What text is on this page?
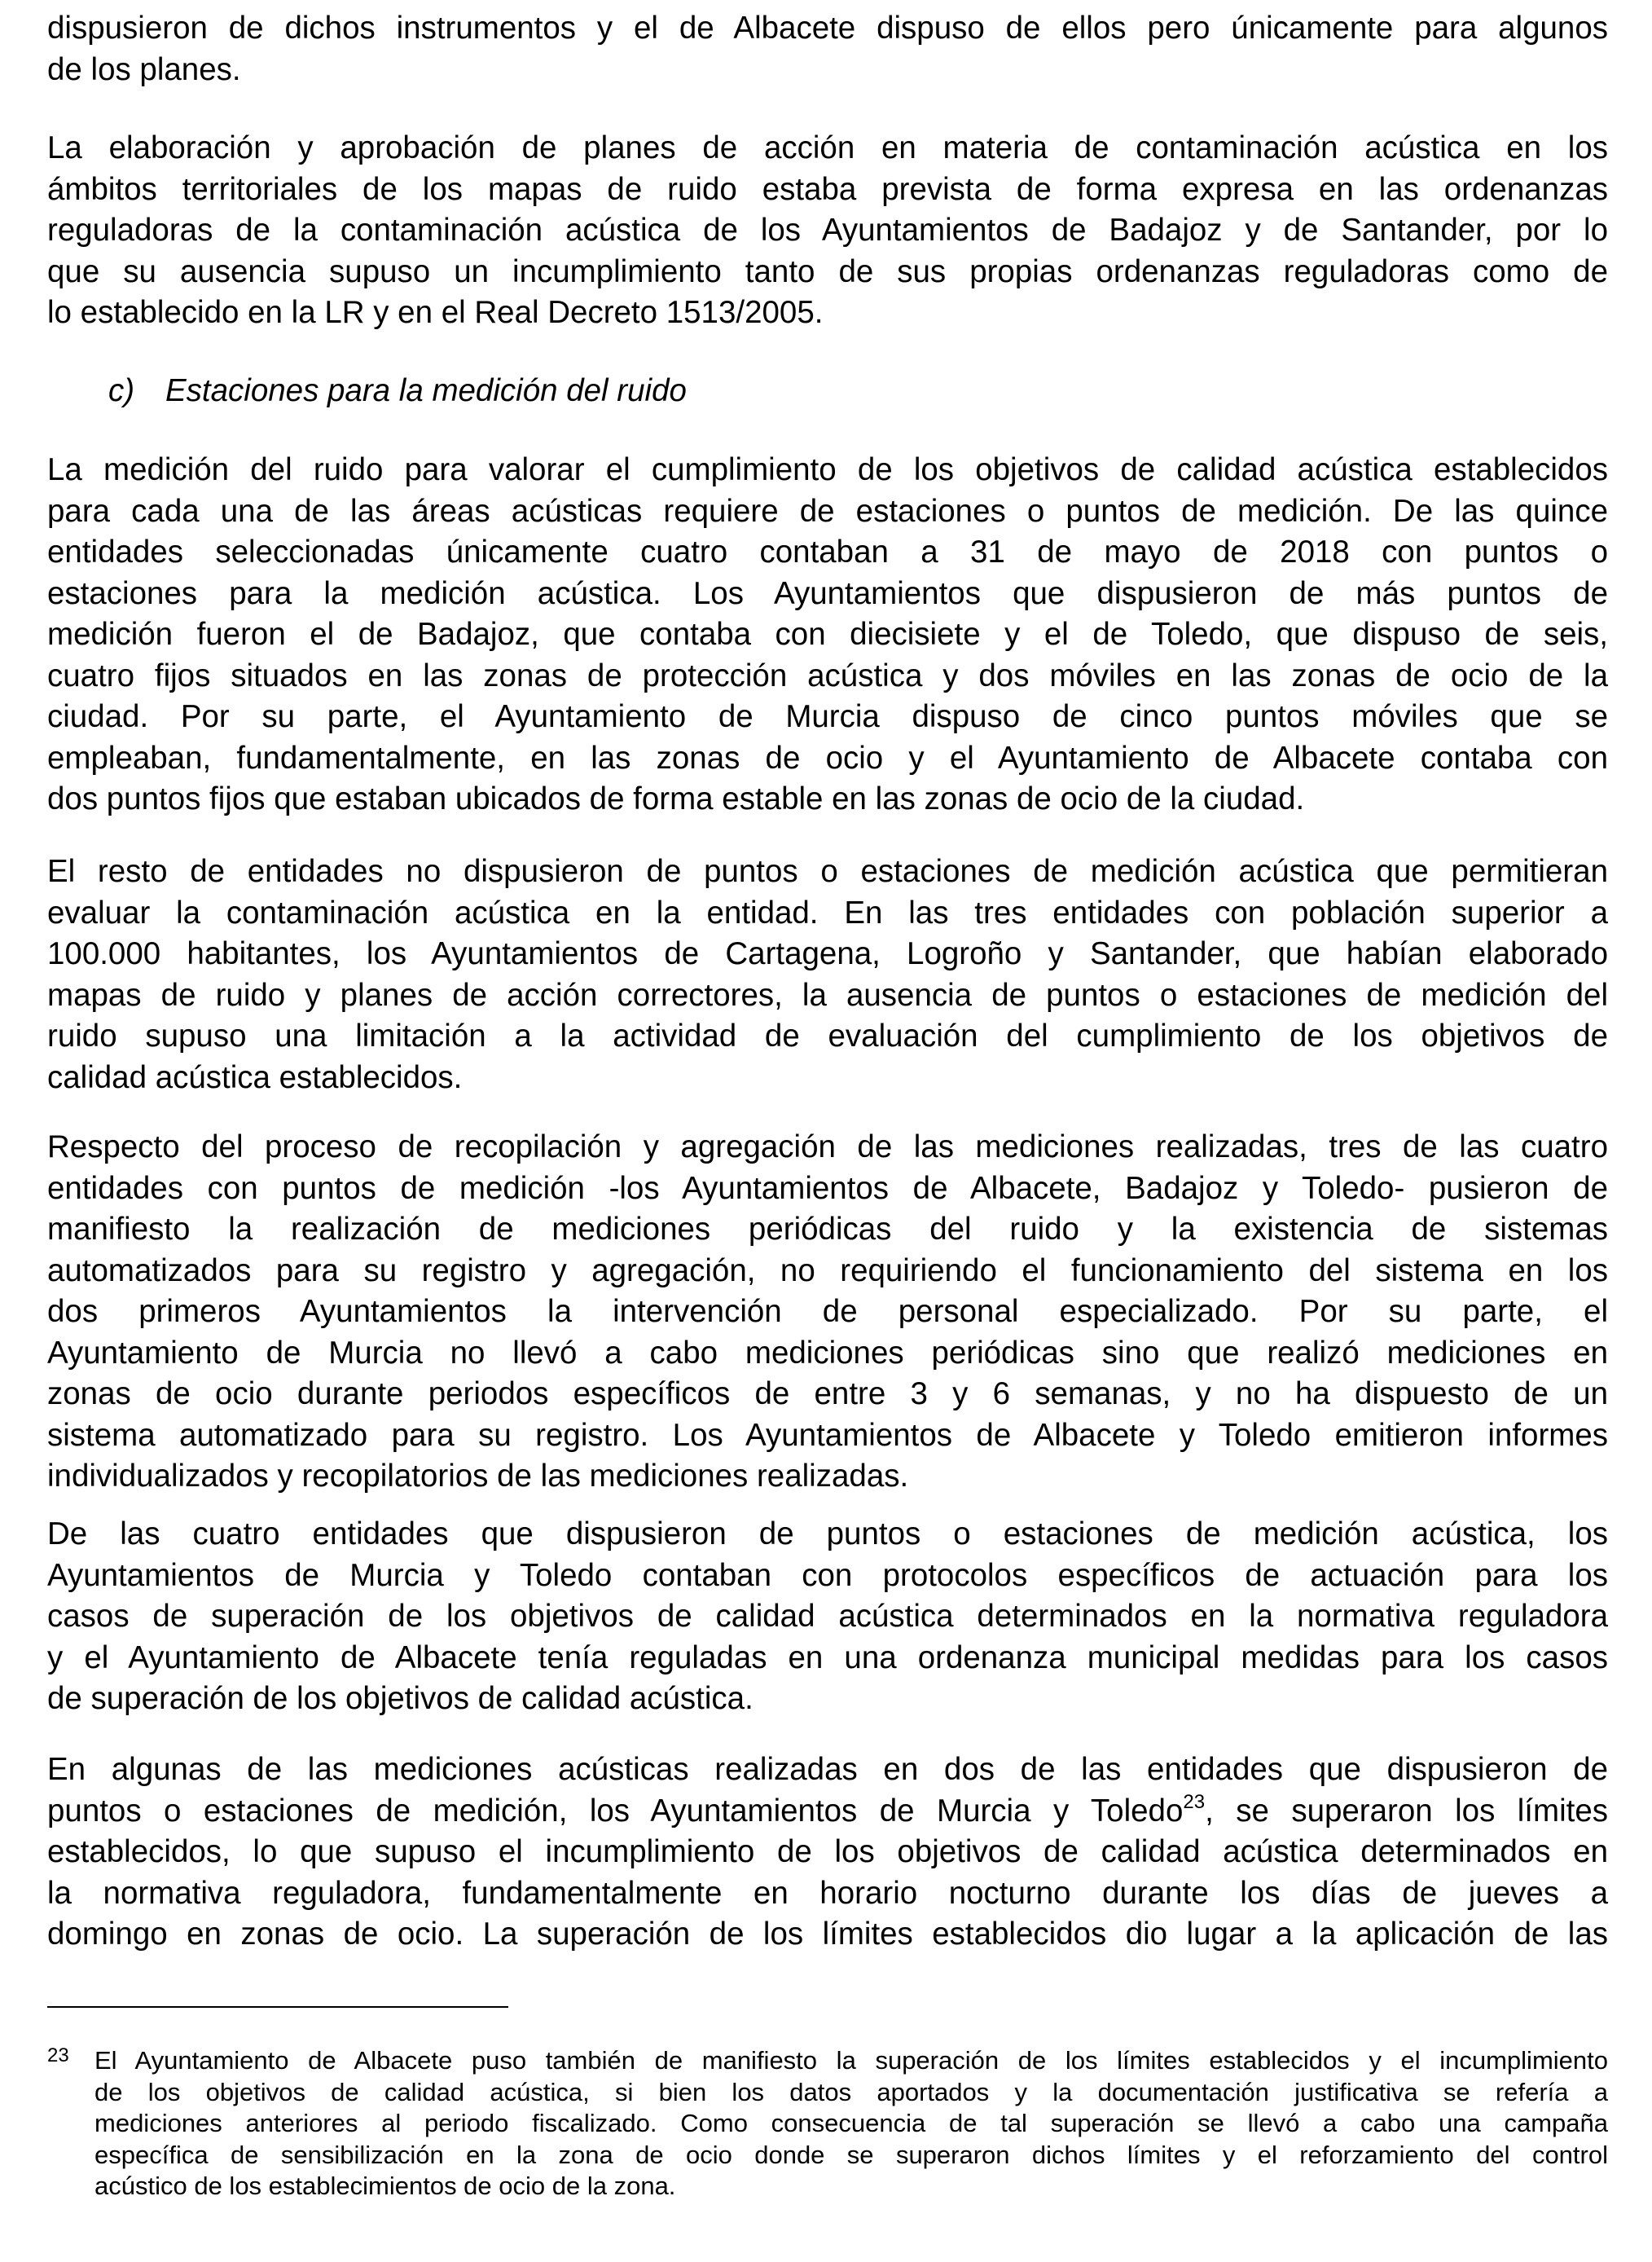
dispusieron de dichos instrumentos y el de Albacete dispuso de ellos pero únicamente para algunos
de los planes.
La elaboración y aprobación de planes de acción en materia de contaminación acústica en los
ámbitos territoriales de los mapas de ruido estaba prevista de forma expresa en las ordenanzas
reguladoras de la contaminación acústica de los Ayuntamientos de Badajoz y de Santander, por lo
que su ausencia supuso un incumplimiento tanto de sus propias ordenanzas reguladoras como de
lo establecido en la LR y en el Real Decreto 1513/2005.
c) Estaciones para la medición del ruido
La medición del ruido para valorar el cumplimiento de los objetivos de calidad acústica establecidos
para cada una de las áreas acústicas requiere de estaciones o puntos de medición. De las quince
entidades seleccionadas únicamente cuatro contaban a 31 de mayo de 2018 con puntos o
estaciones para la medición acústica. Los Ayuntamientos que dispusieron de más puntos de
medición fueron el de Badajoz, que contaba con diecisiete y el de Toledo, que dispuso de seis,
cuatro fijos situados en las zonas de protección acústica y dos móviles en las zonas de ocio de la
ciudad. Por su parte, el Ayuntamiento de Murcia dispuso de cinco puntos móviles que se
empleaban, fundamentalmente, en las zonas de ocio y el Ayuntamiento de Albacete contaba con
dos puntos fijos que estaban ubicados de forma estable en las zonas de ocio de la ciudad.
El resto de entidades no dispusieron de puntos o estaciones de medición acústica que permitieran
evaluar la contaminación acústica en la entidad. En las tres entidades con población superior a
100.000 habitantes, los Ayuntamientos de Cartagena, Logroño y Santander, que habían elaborado
mapas de ruido y planes de acción correctores, la ausencia de puntos o estaciones de medición del
ruido supuso una limitación a la actividad de evaluación del cumplimiento de los objetivos de
calidad acústica establecidos.
Respecto del proceso de recopilación y agregación de las mediciones realizadas, tres de las cuatro
entidades con puntos de medición -los Ayuntamientos de Albacete, Badajoz y Toledo- pusieron de
manifiesto la realización de mediciones periódicas del ruido y la existencia de sistemas
automatizados para su registro y agregación, no requiriendo el funcionamiento del sistema en los
dos primeros Ayuntamientos la intervención de personal especializado. Por su parte, el
Ayuntamiento de Murcia no llevó a cabo mediciones periódicas sino que realizó mediciones en
zonas de ocio durante periodos específicos de entre 3 y 6 semanas, y no ha dispuesto de un
sistema automatizado para su registro. Los Ayuntamientos de Albacete y Toledo emitieron informes
individualizados y recopilatorios de las mediciones realizadas.
De las cuatro entidades que dispusieron de puntos o estaciones de medición acústica, los
Ayuntamientos de Murcia y Toledo contaban con protocolos específicos de actuación para los
casos de superación de los objetivos de calidad acústica determinados en la normativa reguladora
y el Ayuntamiento de Albacete tenía reguladas en una ordenanza municipal medidas para los casos
de superación de los objetivos de calidad acústica.
En algunas de las mediciones acústicas realizadas en dos de las entidades que dispusieron de
puntos o estaciones de medición, los Ayuntamientos de Murcia y Toledo$^{23}$, se superaron los límites
establecidos, lo que supuso el incumplimiento de los objetivos de calidad acústica determinados en
la normativa reguladora, fundamentalmente en horario nocturno durante los días de jueves a
domingo en zonas de ocio. La superación de los límites establecidos dio lugar a la aplicación de las
23 El Ayuntamiento de Albacete puso también de manifiesto la superación de los límites establecidos y el incumplimiento
de los objetivos de calidad acústica, si bien los datos aportados y la documentación justificativa se refería a
mediciones anteriores al periodo fiscalizado. Como consecuencia de tal superación se llevó a cabo una campaña
específica de sensibilización en la zona de ocio donde se superaron dichos límites y el reforzamiento del control
acústico de los establecimientos de ocio de la zona.
